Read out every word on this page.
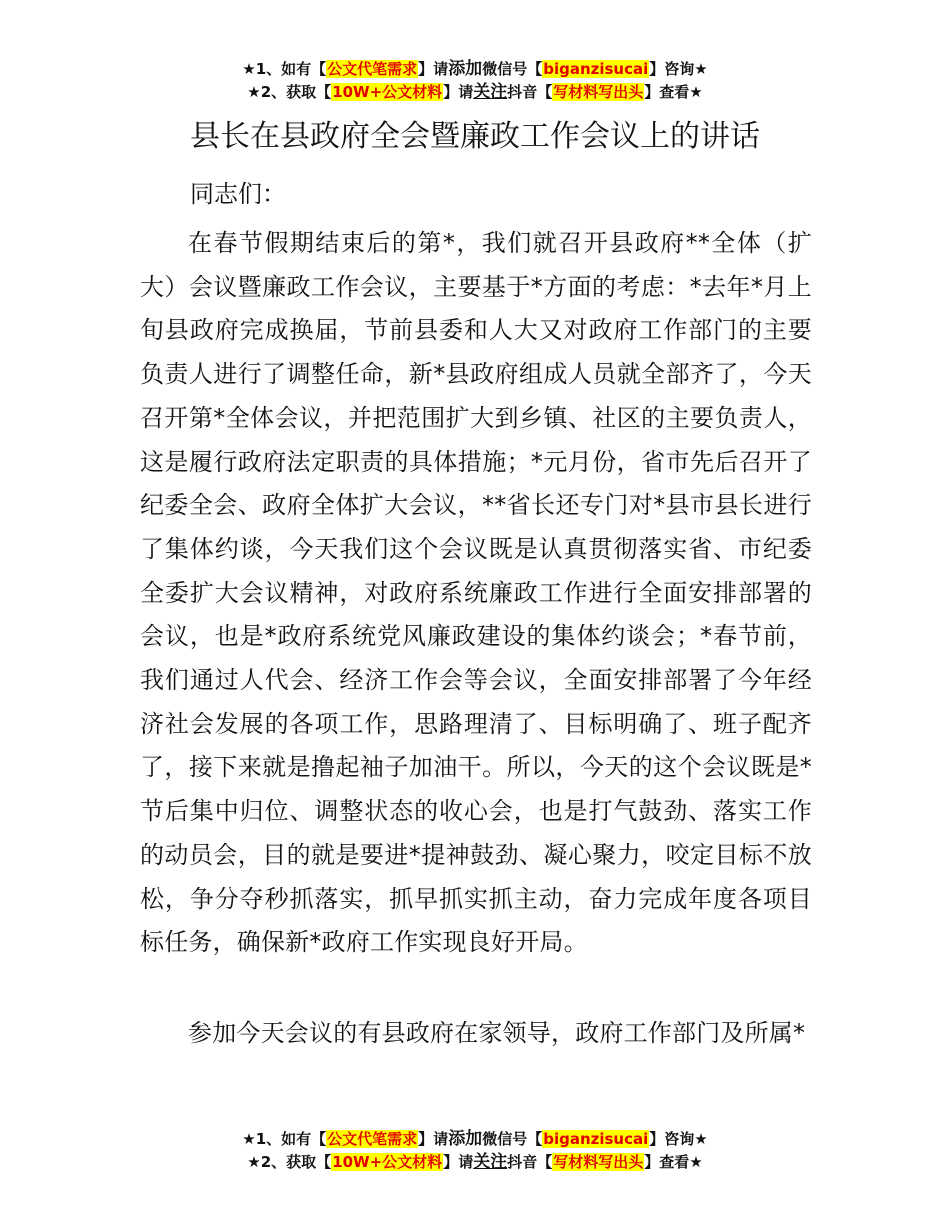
★1、如有【公文代笔需求】请添加微信号【biganzisucai】咨询★
★2、获取【10W+公文材料】请关注抖音【写材料写出头】查看★
县长在县政府全会暨廉政工作会议上的讲话
同志们：
在春节假期结束后的第*，我们就召开县政府**全体（扩大）会议暨廉政工作会议，主要基于*方面的考虑：*去年*月上旬县政府完成换届，节前县委和人大又对政府工作部门的主要负责人进行了调整任命，新*县政府组成人员就全部齐了，今天召开第*全体会议，并把范围扩大到乡镇、社区的主要负责人，这是履行政府法定职责的具体措施；*元月份，省市先后召开了纪委全会、政府全体扩大会议，**省长还专门对*县市县长进行了集体约谈，今天我们这个会议既是认真贯彻落实省、市纪委全委扩大会议精神，对政府系统廉政工作进行全面安排部署的会议，也是*政府系统党风廉政建设的集体约谈会；*春节前，我们通过人代会、经济工作会等会议，全面安排部署了今年经济社会发展的各项工作，思路理清了、目标明确了、班子配齐了，接下来就是撸起袖子加油干。所以，今天的这个会议既是*节后集中归位、调整状态的收心会，也是打气鼓劲、落实工作的动员会，目的就是要进*提神鼓劲、凝心聚力，咬定目标不放松，争分夺秒抓落实，抓早抓实抓主动，奋力完成年度各项目标任务，确保新*政府工作实现良好开局。
参加今天会议的有县政府在家领导，政府工作部门及所属*
★1、如有【公文代笔需求】请添加微信号【biganzisucai】咨询★
★2、获取【10W+公文材料】请关注抖音【写材料写出头】查看★
